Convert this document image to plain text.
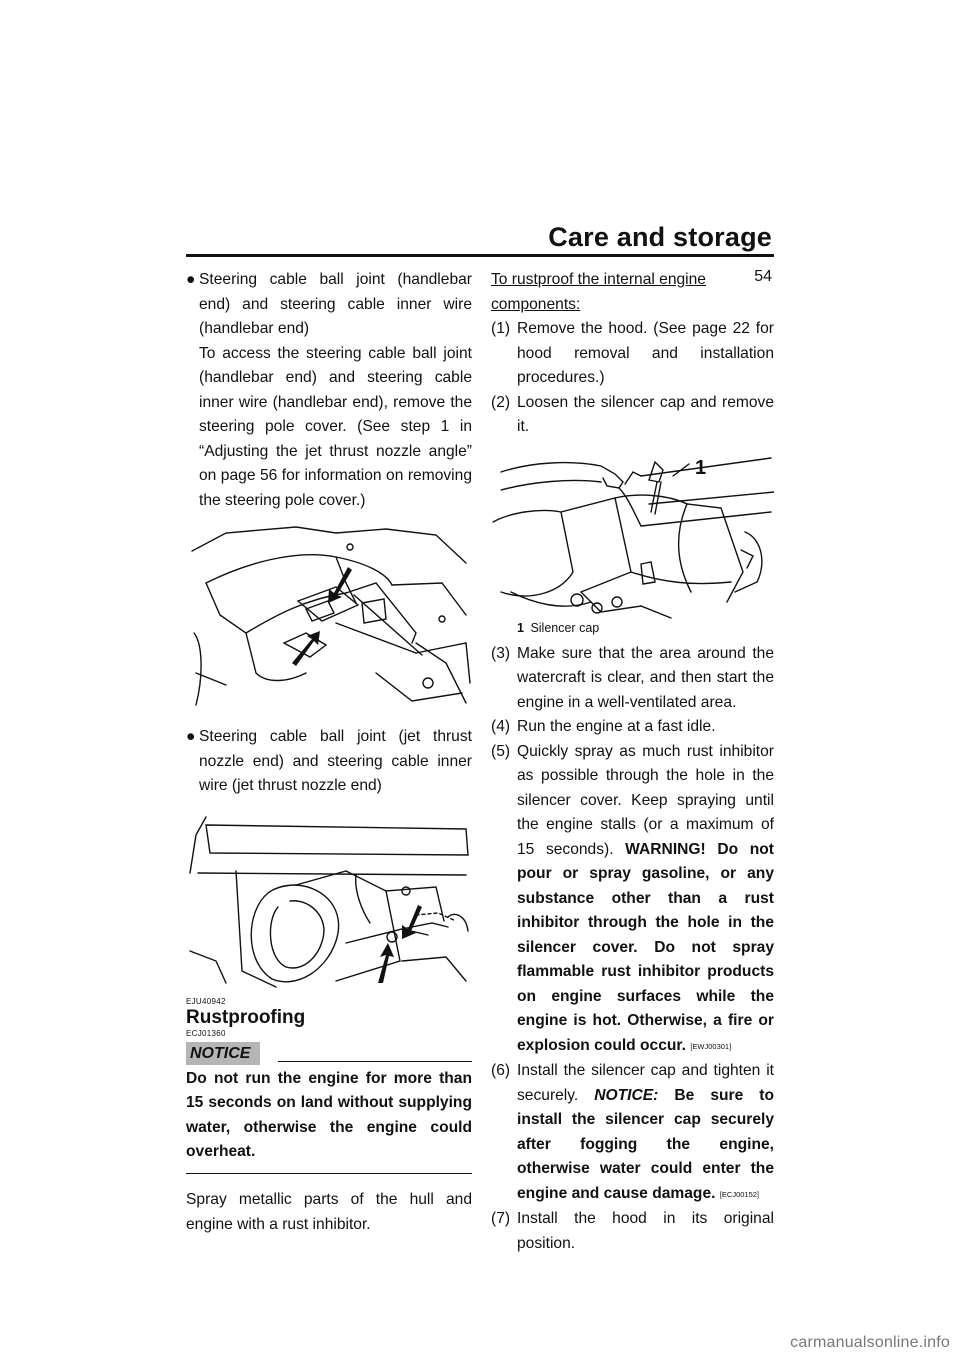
Care and storage
54
● Steering cable ball joint (handlebar end) and steering cable inner wire (handlebar end)
To access the steering cable ball joint (handlebar end) and steering cable inner wire (handlebar end), remove the steering pole cover. (See step 1 in “Adjusting the jet thrust nozzle angle” on page 56 for information on removing the steering pole cover.)
● Steering cable ball joint (jet thrust nozzle end) and steering cable inner wire (jet thrust nozzle end)
EJU40942
Rustproofing
ECJ01360
NOTICE
Do not run the engine for more than 15 seconds on land without supplying water, otherwise the engine could overheat.
Spray metallic parts of the hull and engine with a rust inhibitor.
To rustproof the internal engine components:
(1) Remove the hood. (See page 22 for hood removal and installation procedures.)
(2) Loosen the silencer cap and remove it.
1
1 Silencer cap
(3) Make sure that the area around the watercraft is clear, and then start the engine in a well-ventilated area.
(4) Run the engine at a fast idle.
(5) Quickly spray as much rust inhibitor as possible through the hole in the silencer cover. Keep spraying until the engine stalls (or a maximum of 15 seconds). WARNING! Do not pour or spray gasoline, or any substance other than a rust inhibitor through the hole in the silencer cover. Do not spray flammable rust inhibitor products on engine surfaces while the engine is hot. Otherwise, a fire or explosion could occur. [EWJ00301]
(6) Install the silencer cap and tighten it securely. NOTICE: Be sure to install the silencer cap securely after fogging the engine, otherwise water could enter the engine and cause damage. [ECJ00152]
(7) Install the hood in its original position.
carmanualsonline.info
